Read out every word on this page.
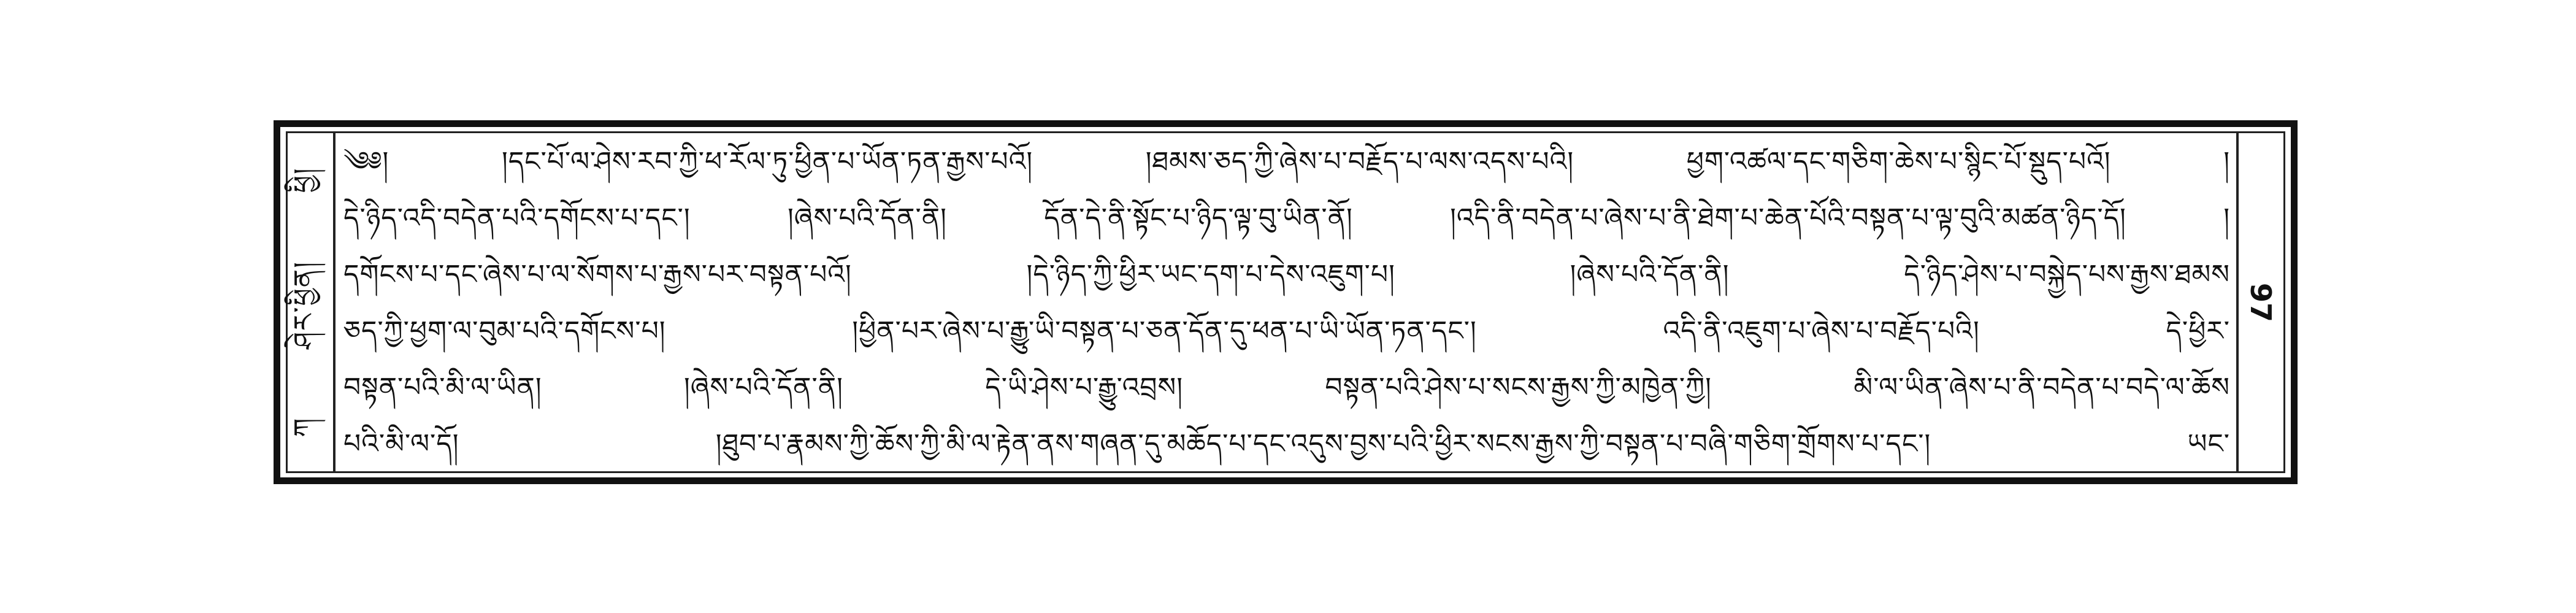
ཀ
ཤེར་ཕྱིན།
ཕྱི།
༄༅། །དང་པོ་ལ་ཤེས་རབ་ཀྱི་ཕ་རོལ་ཏུ་ཕྱིན་པ་ཡོན་ཏན་རྒྱས་པའོ། །ཐམས་ཅད་ཀྱི་ཞེས་པ་བརྗོད་པ་ལས་འདས་པའི། ཕྱག་འཚལ་དང་གཅིག་ཆེས་པ་སྙིང་པོ་སྡུད་པའོ། །
དེ་ཉིད་འདི་བདེན་པའི་དགོངས་པ་དང་། །ཞེས་པའི་དོན་ནི། དོན་དེ་ནི་སྟོང་པ་ཉིད་ལྟ་བུ་ཡིན་ནོ། །འདི་ནི་བདེན་པ་ཞེས་པ་ནི་ཐེག་པ་ཆེན་པོའི་བསྟན་པ་ལྟ་བུའི་མཚན་ཉིད་དོ། །
དགོངས་པ་དང་ཞེས་པ་ལ་སོགས་པ་རྒྱས་པར་བསྟན་པའོ། །དེ་ཉིད་ཀྱི་ཕྱིར་ཡང་དག་པ་དེས་འཇུག་པ། །ཞེས་པའི་དོན་ནི། དེ་ཉིད་ཤེས་པ་བསྐྱེད་པས་རྒྱས་ཐམས
ཅད་ཀྱི་ཕྱག་ལ་བུམ་པའི་དགོངས་པ། །ཕྱིན་པར་ཞེས་པ་རྒྱུ་ཡི་བསྟན་པ་ཅན་དོན་དུ་ཕན་པ་ཡི་ཡོན་ཏན་དང་། འདི་ནི་འཇུག་པ་ཞེས་པ་བརྗོད་པའི། དེ་ཕྱིར་
བསྟན་པའི་མི་ལ་ཡིན། །ཞེས་པའི་དོན་ནི། དེ་ཡི་ཤེས་པ་རྒྱུ་འབྲས། བསྟན་པའི་ཤེས་པ་སངས་རྒྱས་ཀྱི་མཁྱེན་ཀྱི། མི་ལ་ཡིན་ཞེས་པ་ནི་བདེན་པ་བདེ་ལ་ཆོས
པའི་མི་ལ་དོ། །ཐུབ་པ་རྣམས་ཀྱི་ཆོས་ཀྱི་མི་ལ་རྟེན་ནས་གཞན་དུ་མཆོད་པ་དང་འདུས་བྱས་པའི་ཕྱིར་སངས་རྒྱས་ཀྱི་བསྟན་པ་བཞི་གཅིག་གྲོགས་པ་དང་། ཡང་
97
